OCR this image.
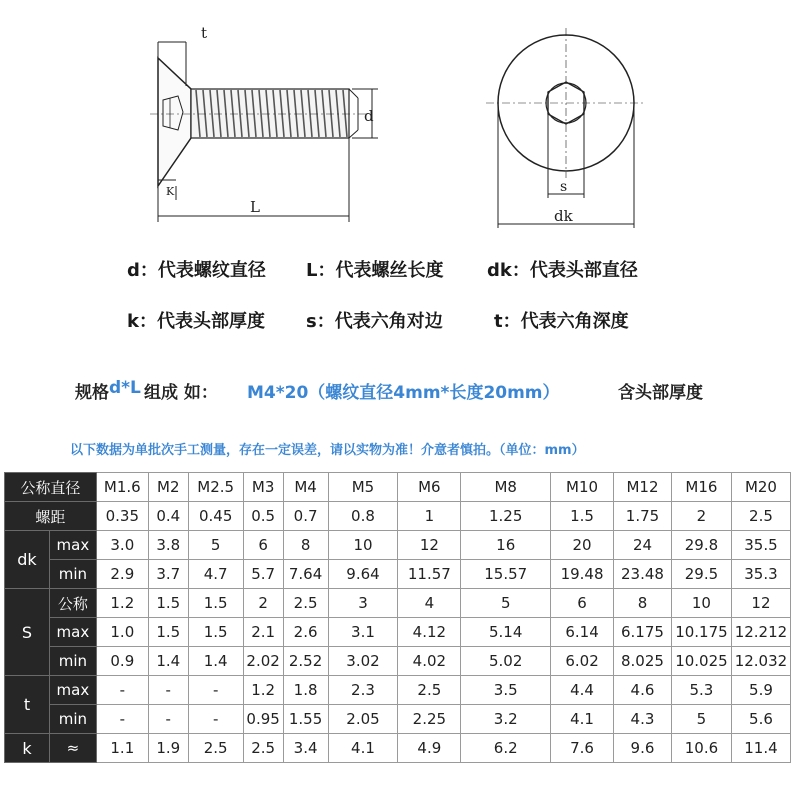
t
d
K
L
s
dk
d：代表螺纹直径 L：代表螺丝长度 dk：代表头部直径
k：代表头部厚度 s：代表六角对边	t：代表六角深度
规格 d*L 组成 如： M4*20（螺纹直径4mm*长度20mm）	含头部厚度
以下数据为单批次手工测量，存在一定误差，请以实物为准！介意者慎拍。（单位：mm）
公称直径		M1.6	M2	M2.5	M3	M4	M5	M6	M8	M10	M12	M16	M20
螺距		0.35	0.4	0.45	0.5	0.7	0.8	1	1.25	1.5	1.75	2	2.5
dk	max	3.0	3.8	5	6	8	10	12	16	20	24	29.8	35.5
	min	2.9	3.7	4.7	5.7	7.64	9.64	11.57	15.57	19.48	23.48	29.5	35.3
S	公称	1.2	1.5	1.5	2	2.5	3	4	5	6	8	10	12
	max	1.0	1.5	1.5	2.1	2.6	3.1	4.12	5.14	6.14	6.175	10.175	12.212
	min	0.9	1.4	1.4	2.02	2.52	3.02	4.02	5.02	6.02	8.025	10.025	12.032
t	max	-	-	-	1.2	1.8	2.3	2.5	3.5	4.4	4.6	5.3	5.9
	min	-	-	-	0.95	1.55	2.05	2.25	3.2	4.1	4.3	5	5.6
k	≈	1.1	1.9	2.5	2.5	3.4	4.1	4.9	6.2	7.6	9.6	10.6	11.4
